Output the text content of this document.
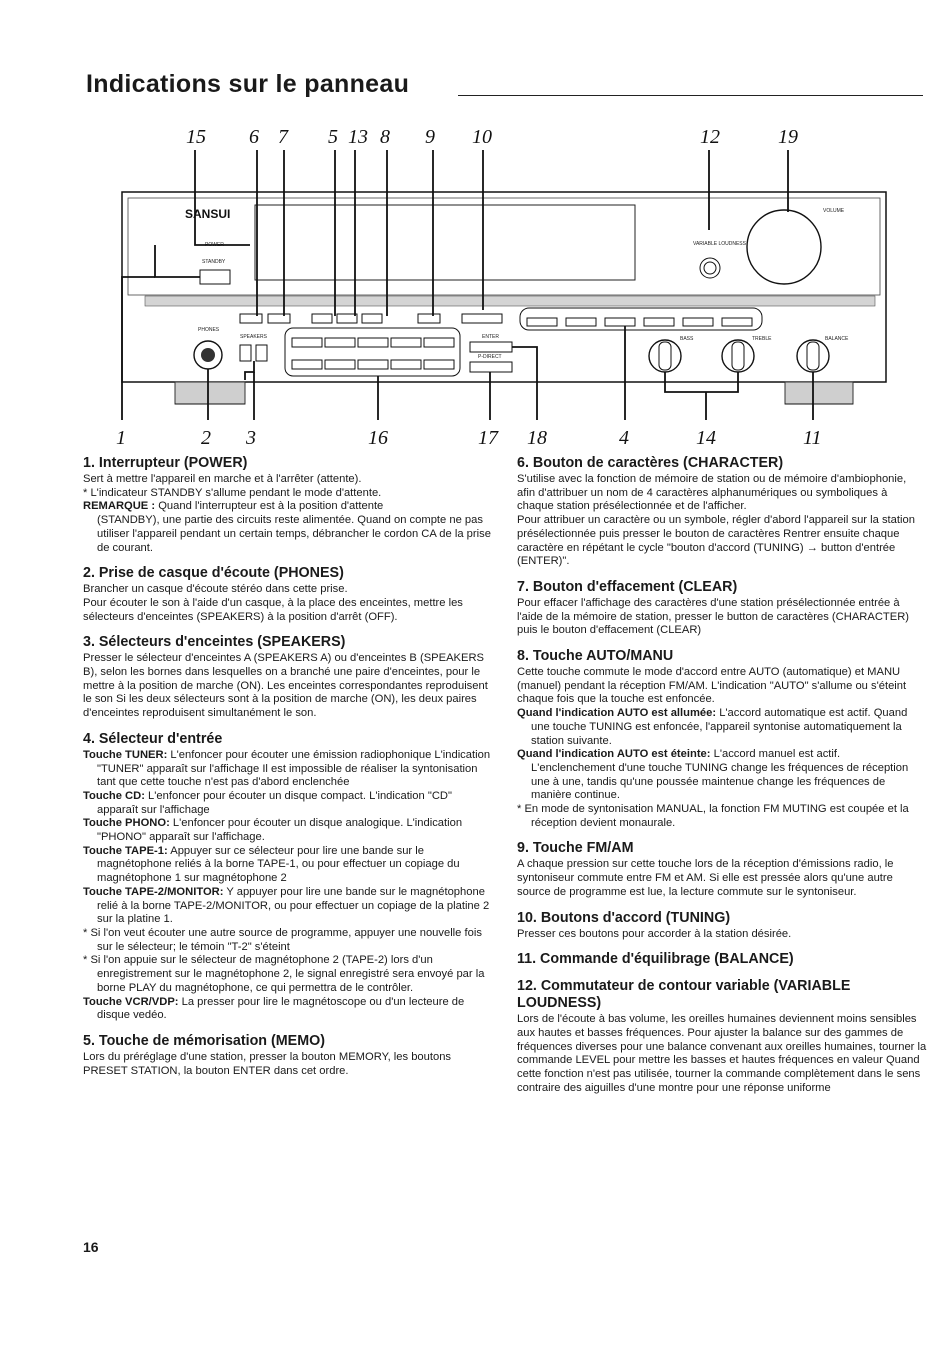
Indications sur le panneau
15 6 7 5 13 8 9 10	12	19
SANSUI
POWER
STANDBY
VOLUME
VARIABLE LOUDNESS
PHONES
SPEAKERS	ENTER
P-DIRECT
BASS	TREBLE	BALANCE
1	2 3	16	17 18	4	14	11
1. Interrupteur (POWER)

Sert à mettre l'appareil en marche et à l'arrêter (attente).

* L'indicateur STANDBY s'allume pendant le mode d'attente.

REMARQUE : Quand l'interrupteur est à la position d'attente

(STANDBY), une partie des circuits reste alimentée. Quand on compte ne pas utiliser l'appareil pendant un certain temps, débrancher le cordon CA de la prise de courant.

2. Prise de casque d'écoute (PHONES)

Brancher un casque d'écoute stéréo dans cette prise.

Pour écouter le son à l'aide d'un casque, à la place des enceintes, mettre les sélecteurs d'enceintes (SPEAKERS) à la position d'arrêt (OFF).

3. Sélecteurs d'enceintes (SPEAKERS)

Presser le sélecteur d'enceintes A (SPEAKERS A) ou d'enceintes B (SPEAKERS B), selon les bornes dans lesquelles on a branché une paire d'enceintes, pour le mettre à la position de marche (ON). Les enceintes correspondantes reproduisent le son Si les deux sélecteurs sont à la position de marche (ON), les deux paires d'enceintes reproduisent simultanément le son.

4. Sélecteur d'entrée

Touche TUNER: L'enfoncer pour écouter une émission radiophonique L'indication "TUNER" apparaît sur l'affichage Il est impossible de réaliser la syntonisation tant que cette touche n'est pas d'abord enclenchée

Touche CD: L'enfoncer pour écouter un disque compact. L'indication "CD" apparaît sur l'affichage

Touche PHONO: L'enfoncer pour écouter un disque analogique. L'indication "PHONO" apparaît sur l'affichage.

Touche TAPE-1: Appuyer sur ce sélecteur pour lire une bande sur le magnétophone reliés à la borne TAPE-1, ou pour effectuer un copiage du magnétophone 1 sur magnétophone 2

Touche TAPE-2/MONITOR: Y appuyer pour lire une bande sur le magnétophone relié à la borne TAPE-2/MONITOR, ou pour effectuer un copiage de la platine 2 sur la platine 1.

* Si l'on veut écouter une autre source de programme, appuyer une nouvelle fois sur le sélecteur; le témoin "T-2" s'éteint

* Si l'on appuie sur le sélecteur de magnétophone 2 (TAPE-2) lors d'un enregistrement sur le magnétophone 2, le signal enregistré sera envoyé par la borne PLAY du magnétophone, ce qui permettra de le contrôler.

Touche VCR/VDP: La presser pour lire le magnétoscope ou d'un lecteure de disque vedéo.

5. Touche de mémorisation (MEMO)

Lors du préréglage d'une station, presser la bouton MEMORY, les boutons PRESET STATION, la bouton ENTER dans cet ordre.

6. Bouton de caractères (CHARACTER)

S'utilise avec la fonction de mémoire de station ou de mémoire d'ambiophonie, afin d'attribuer un nom de 4 caractères alphanumériques ou symboliques à chaque station présélectionnée et de l'afficher.

Pour attribuer un caractère ou un symbole, régler d'abord l'appareil sur la station présélectionnée puis presser le bouton de caractères Rentrer ensuite chaque caractère en répétant le cycle "bouton d'accord (TUNING) → button d'entrée (ENTER)".

7. Bouton d'effacement (CLEAR)

Pour effacer l'affichage des caractères d'une station présélectionnée entrée à l'aide de la mémoire de station, presser le button de caractères (CHARACTER) puis le bouton d'effacement (CLEAR)

8. Touche AUTO/MANU

Cette touche commute le mode d'accord entre AUTO (automatique) et MANU (manuel) pendant la réception FM/AM. L'indication "AUTO" s'allume ou s'éteint chaque fois que la touche est enfoncée.

Quand l'indication AUTO est allumée: L'accord automatique est actif. Quand une touche TUNING est enfoncée, l'appareil syntonise automatiquement la station suivante.

Quand l'indication AUTO est éteinte: L'accord manuel est actif. L'enclenchement d'une touche TUNING change les fréquences de réception une à une, tandis qu'une poussée maintenue change les fréquences de manière continue.

* En mode de syntonisation MANUAL, la fonction FM MUTING est coupée et la réception devient monaurale.

9. Touche FM/AM

A chaque pression sur cette touche lors de la réception d'émissions radio, le syntoniseur commute entre FM et AM. Si elle est pressée alors qu'une autre source de programme est lue, la lecture commute sur le syntoniseur.

10. Boutons d'accord (TUNING)

Presser ces boutons pour accorder à la station désirée.

11. Commande d'équilibrage (BALANCE)
12. Commutateur de contour variable (VARIABLE LOUDNESS)

Lors de l'écoute à bas volume, les oreilles humaines deviennent moins sensibles aux hautes et basses fréquences. Pour ajuster la balance sur des gammes de fréquences diverses pour une balance convenant aux oreilles humaines, tourner la commande LEVEL pour mettre les basses et hautes fréquences en valeur Quand cette fonction n'est pas utilisée, tourner la commande complètement dans le sens contraire des aiguilles d'une montre pour une réponse uniforme

16
